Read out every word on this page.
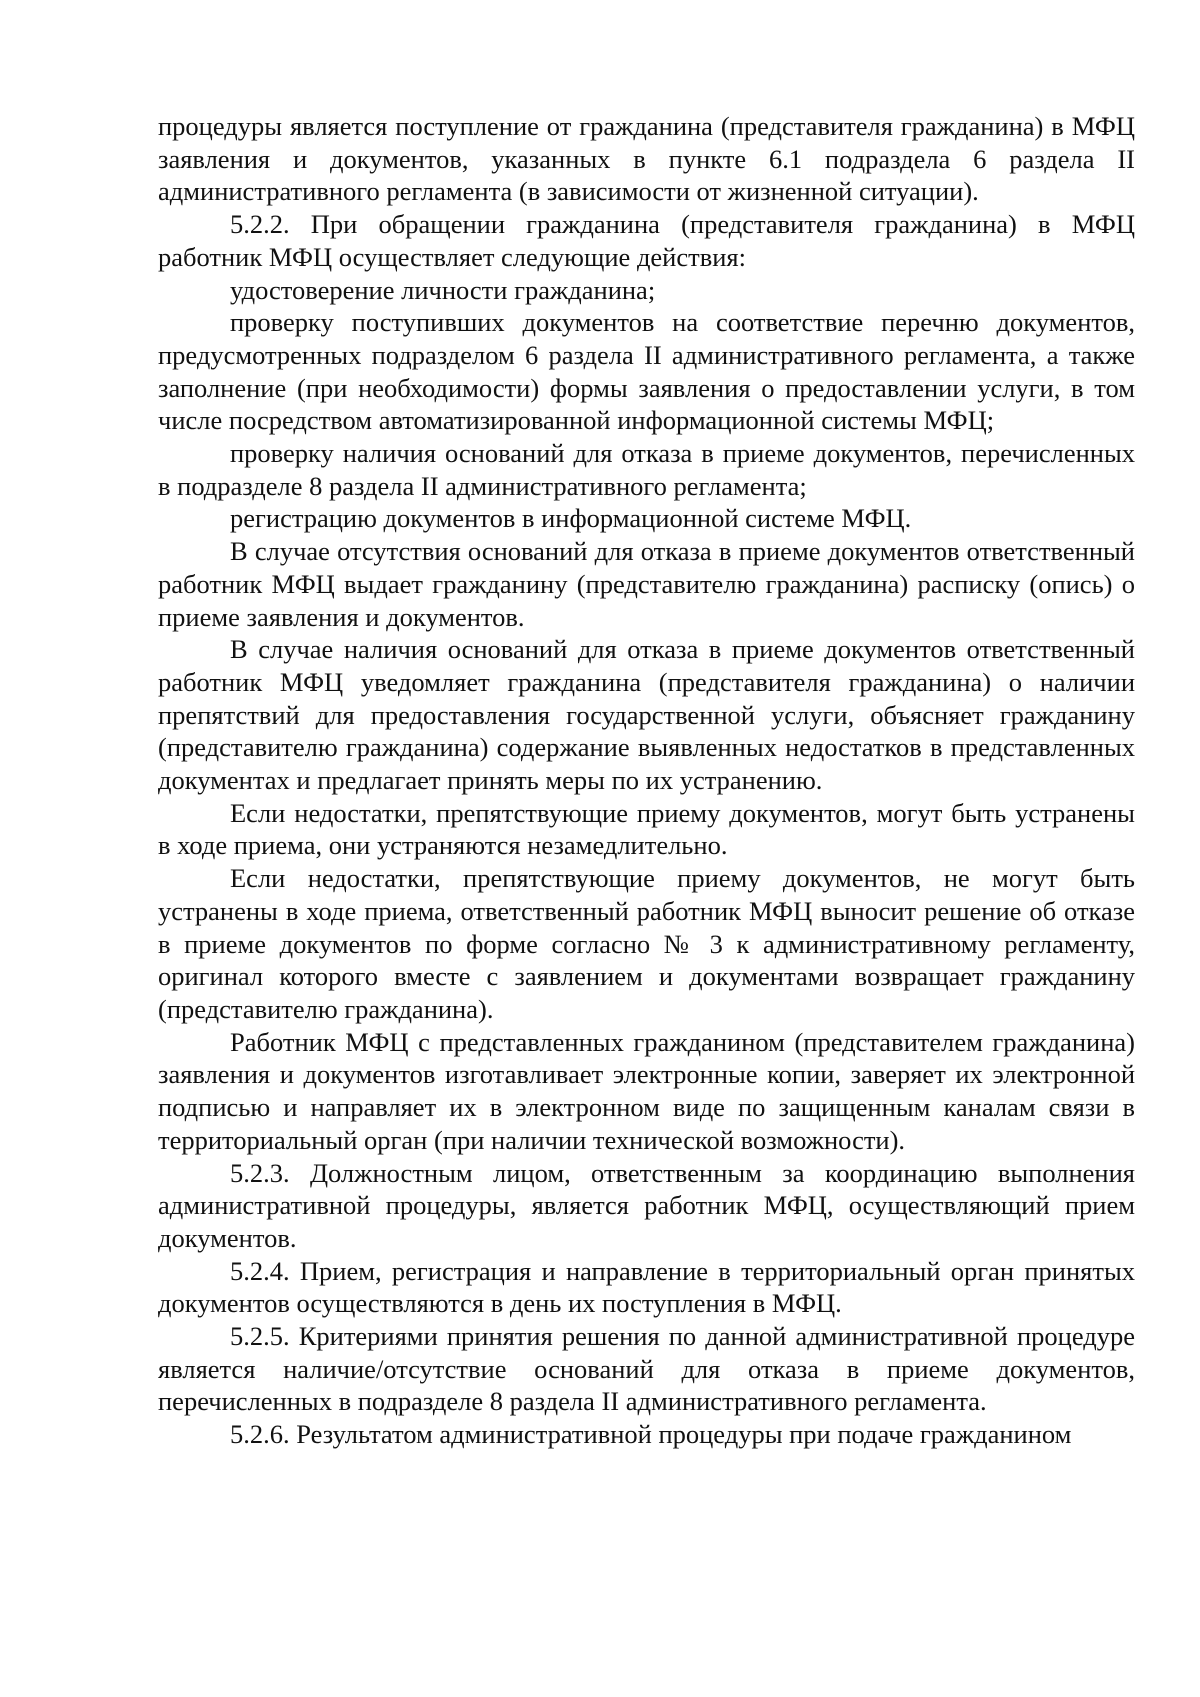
процедуры является поступление от гражданина (представителя гражданина) в МФЦ заявления и документов, указанных в пункте 6.1 подраздела 6 раздела II административного регламента (в зависимости от жизненной ситуации).

5.2.2. При обращении гражданина (представителя гражданина) в МФЦ работник МФЦ осуществляет следующие действия:

удостоверение личности гражданина;

проверку поступивших документов на соответствие перечню документов, предусмотренных подразделом 6 раздела II административного регламента, а также заполнение (при необходимости) формы заявления о предоставлении услуги, в том числе посредством автоматизированной информационной системы МФЦ;

проверку наличия оснований для отказа в приеме документов, перечисленных в подразделе 8 раздела II административного регламента;

регистрацию документов в информационной системе МФЦ.

В случае отсутствия оснований для отказа в приеме документов ответственный работник МФЦ выдает гражданину (представителю гражданина) расписку (опись) о приеме заявления и документов.

В случае наличия оснований для отказа в приеме документов ответственный работник МФЦ уведомляет гражданина (представителя гражданина) о наличии препятствий для предоставления государственной услуги, объясняет гражданину (представителю гражданина) содержание выявленных недостатков в представленных документах и предлагает принять меры по их устранению.

Если недостатки, препятствующие приему документов, могут быть устранены в ходе приема, они устраняются незамедлительно.

Если недостатки, препятствующие приему документов, не могут быть устранены в ходе приема, ответственный работник МФЦ выносит решение об отказе в приеме документов по форме согласно № 3 к административному регламенту, оригинал которого вместе с заявлением и документами возвращает гражданину (представителю гражданина).

Работник МФЦ с представленных гражданином (представителем гражданина) заявления и документов изготавливает электронные копии, заверяет их электронной подписью и направляет их в электронном виде по защищенным каналам связи в территориальный орган (при наличии технической возможности).

5.2.3. Должностным лицом, ответственным за координацию выполнения административной процедуры, является работник МФЦ, осуществляющий прием документов.

5.2.4. Прием, регистрация и направление в территориальный орган принятых документов осуществляются в день их поступления в МФЦ.

5.2.5. Критериями принятия решения по данной административной процедуре является наличие/отсутствие оснований для отказа в приеме документов, перечисленных в подразделе 8 раздела II административного регламента.

5.2.6. Результатом административной процедуры при подаче гражданином
